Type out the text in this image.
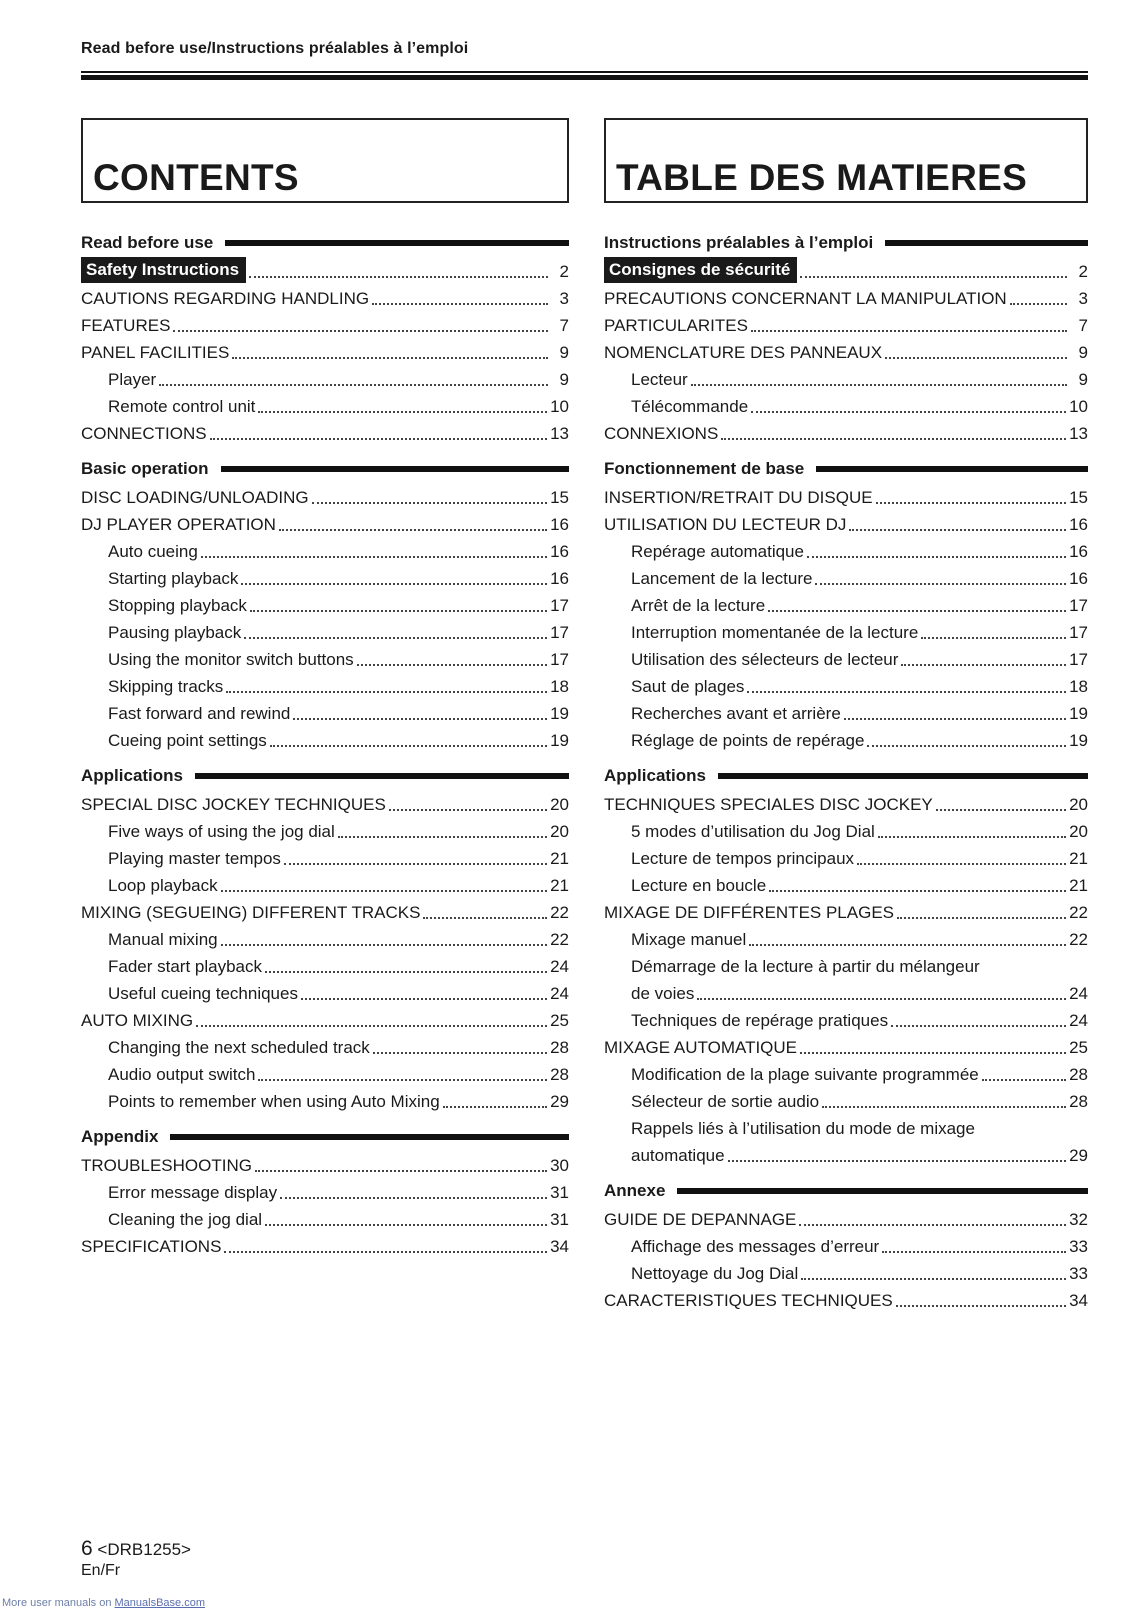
Read before use/Instructions préalables à l’emploi
CONTENTS
Read before use
Safety Instructions	2
CAUTIONS REGARDING HANDLING	3
FEATURES	7
PANEL FACILITIES	9
Player	9
Remote control unit	10
CONNECTIONS	13
Basic operation
DISC LOADING/UNLOADING	15
DJ PLAYER OPERATION	16
Auto cueing	16
Starting playback	16
Stopping playback	17
Pausing playback	17
Using the monitor switch buttons	17
Skipping tracks	18
Fast forward and rewind	19
Cueing point settings	19
Applications
SPECIAL DISC JOCKEY TECHNIQUES	20
Five ways of using the jog dial	20
Playing master tempos	21
Loop playback	21
MIXING (SEGUEING) DIFFERENT TRACKS	22
Manual mixing	22
Fader start playback	24
Useful cueing techniques	24
AUTO MIXING	25
Changing the next scheduled track	28
Audio output switch	28
Points to remember when using Auto Mixing	29
Appendix
TROUBLESHOOTING	30
Error message display	31
Cleaning the jog dial	31
SPECIFICATIONS	34
TABLE DES MATIERES
Instructions préalables à l’emploi
Consignes de sécurité	2
PRECAUTIONS CONCERNANT LA MANIPULATION	3
PARTICULARITES	7
NOMENCLATURE DES PANNEAUX	9
Lecteur	9
Télécommande	10
CONNEXIONS	13
Fonctionnement de base
INSERTION/RETRAIT DU DISQUE	15
UTILISATION DU LECTEUR DJ	16
Repérage automatique	16
Lancement de la lecture	16
Arrêt de la lecture	17
Interruption momentanée de la lecture	17
Utilisation des sélecteurs de lecteur	17
Saut de plages	18
Recherches avant et arrière	19
Réglage de points de repérage	19
Applications
TECHNIQUES SPECIALES DISC JOCKEY	20
5 modes d’utilisation du Jog Dial	20
Lecture de tempos principaux	21
Lecture en boucle	21
MIXAGE DE DIFFÉRENTES PLAGES	22
Mixage manuel	22
Démarrage de la lecture à partir du mélangeur
de voies	24
Techniques de repérage pratiques	24
MIXAGE AUTOMATIQUE	25
Modification de la plage suivante programmée	28
Sélecteur de sortie audio	28
Rappels liés à l’utilisation du mode de mixage
automatique	29
Annexe
GUIDE DE DEPANNAGE	32
Affichage des messages d’erreur	33
Nettoyage du Jog Dial	33
CARACTERISTIQUES TECHNIQUES	34
6 <DRB1255>
En/Fr
More user manuals on ManualsBase.com
